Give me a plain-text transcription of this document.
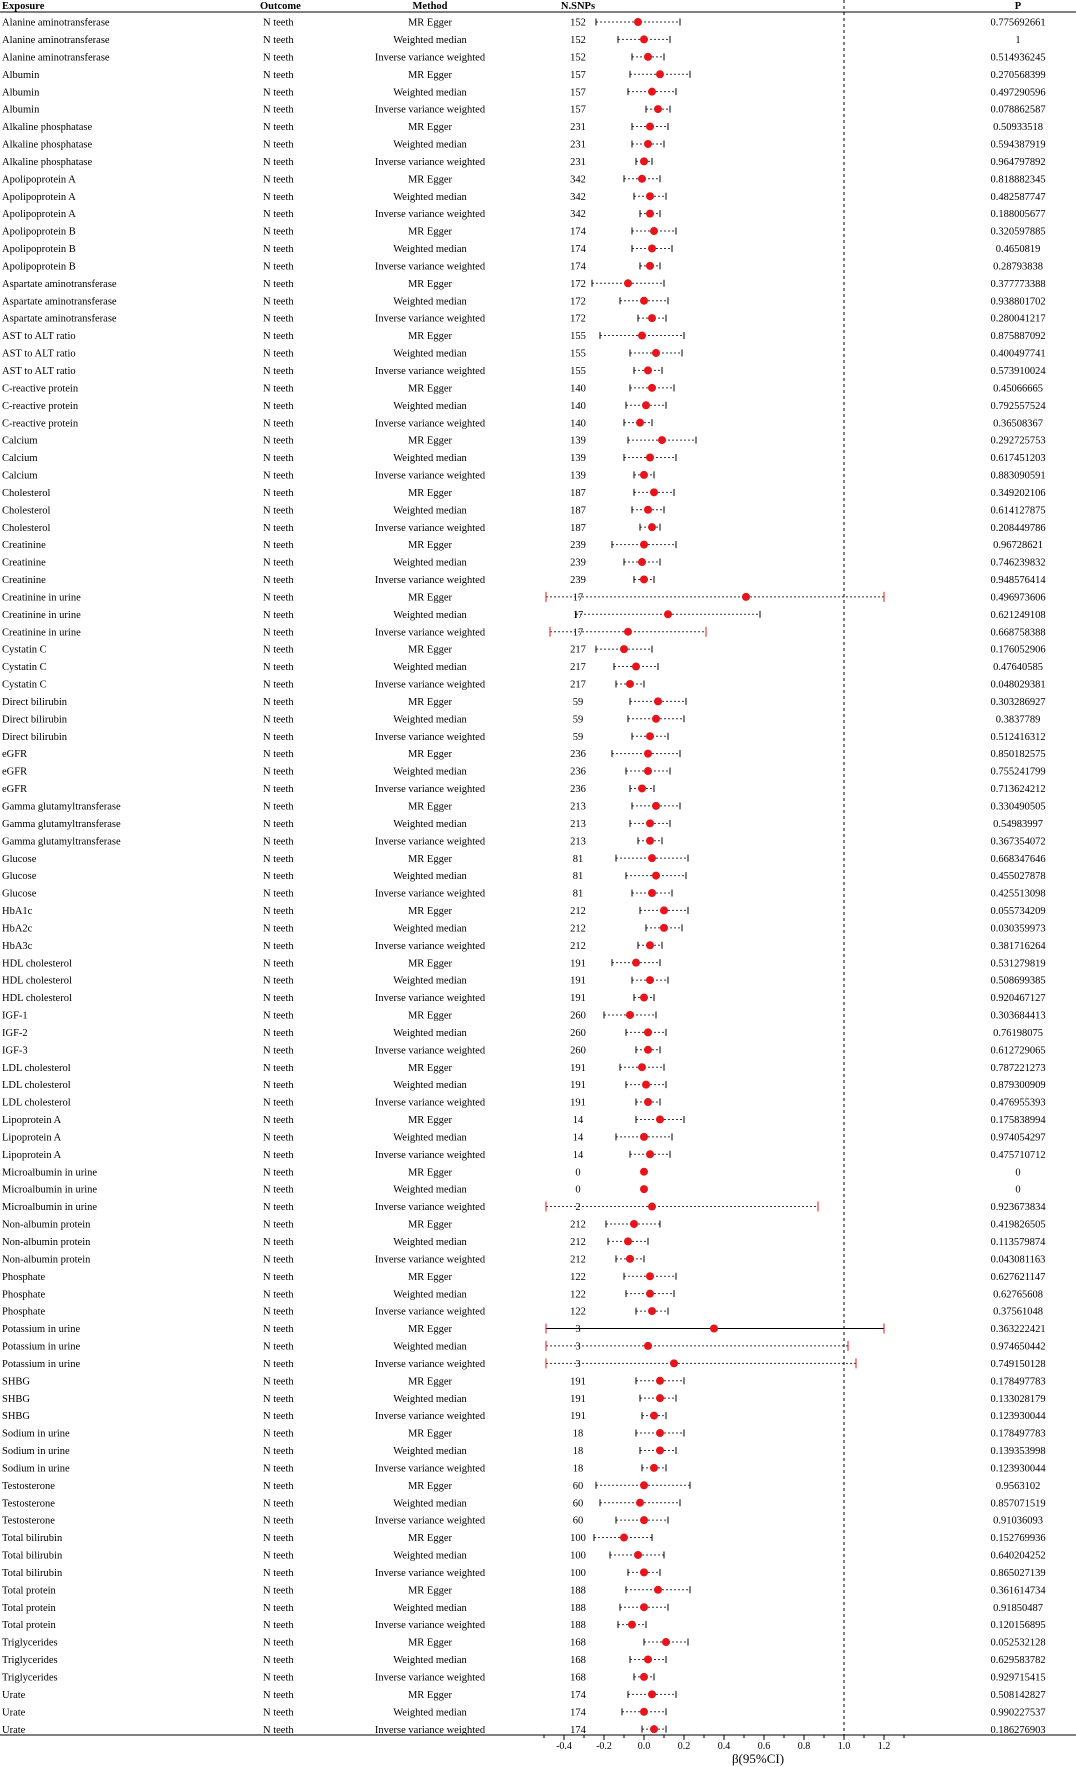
Exposure	Outcome	Method	N.SNPs	P
Alanine aminotransferase	N teeth	MR Egger	152	0.775692661
Alanine aminotransferase	N teeth	Weighted median	152	1
Alanine aminotransferase	N teeth	Inverse variance weighted	152	0.514936245
Albumin	N teeth	MR Egger	157	0.270568399
Albumin	N teeth	Weighted median	157	0.497290596
Albumin	N teeth	Inverse variance weighted	157	0.078862587
Alkaline phosphatase	N teeth	MR Egger	231	0.50933518
Alkaline phosphatase	N teeth	Weighted median	231	0.594387919
Alkaline phosphatase	N teeth	Inverse variance weighted	231	0.964797892
Apolipoprotein A	N teeth	MR Egger	342	0.818882345
Apolipoprotein A	N teeth	Weighted median	342	0.482587747
Apolipoprotein A	N teeth	Inverse variance weighted	342	0.188005677
Apolipoprotein B	N teeth	MR Egger	174	0.320597885
Apolipoprotein B	N teeth	Weighted median	174	0.4650819
Apolipoprotein B	N teeth	Inverse variance weighted	174	0.28793838
Aspartate aminotransferase	N teeth	MR Egger	172	0.377773388
Aspartate aminotransferase	N teeth	Weighted median	172	0.938801702
Aspartate aminotransferase	N teeth	Inverse variance weighted	172	0.280041217
AST to ALT ratio	N teeth	MR Egger	155	0.875887092
AST to ALT ratio	N teeth	Weighted median	155	0.400497741
AST to ALT ratio	N teeth	Inverse variance weighted	155	0.573910024
C-reactive protein	N teeth	MR Egger	140	0.45066665
C-reactive protein	N teeth	Weighted median	140	0.792557524
C-reactive protein	N teeth	Inverse variance weighted	140	0.36508367
Calcium	N teeth	MR Egger	139	0.292725753
Calcium	N teeth	Weighted median	139	0.617451203
Calcium	N teeth	Inverse variance weighted	139	0.883090591
Cholesterol	N teeth	MR Egger	187	0.349202106
Cholesterol	N teeth	Weighted median	187	0.614127875
Cholesterol	N teeth	Inverse variance weighted	187	0.208449786
Creatinine	N teeth	MR Egger	239	0.96728621
Creatinine	N teeth	Weighted median	239	0.746239832
Creatinine	N teeth	Inverse variance weighted	239	0.948576414
Creatinine in urine	N teeth	MR Egger	17	0.496973606
Creatinine in urine	N teeth	Weighted median	17	0.621249108
Creatinine in urine	N teeth	Inverse variance weighted	17	0.668758388
Cystatin C	N teeth	MR Egger	217	0.176052906
Cystatin C	N teeth	Weighted median	217	0.47640585
Cystatin C	N teeth	Inverse variance weighted	217	0.048029381
Direct bilirubin	N teeth	MR Egger	59	0.303286927
Direct bilirubin	N teeth	Weighted median	59	0.3837789
Direct bilirubin	N teeth	Inverse variance weighted	59	0.512416312
eGFR	N teeth	MR Egger	236	0.850182575
eGFR	N teeth	Weighted median	236	0.755241799
eGFR	N teeth	Inverse variance weighted	236	0.713624212
Gamma glutamyltransferase	N teeth	MR Egger	213	0.330490505
Gamma glutamyltransferase	N teeth	Weighted median	213	0.54983997
Gamma glutamyltransferase	N teeth	Inverse variance weighted	213	0.367354072
Glucose	N teeth	MR Egger	81	0.668347646
Glucose	N teeth	Weighted median	81	0.455027878
Glucose	N teeth	Inverse variance weighted	81	0.425513098
HbA1c	N teeth	MR Egger	212	0.055734209
HbA2c	N teeth	Weighted median	212	0.030359973
HbA3c	N teeth	Inverse variance weighted	212	0.381716264
HDL cholesterol	N teeth	MR Egger	191	0.531279819
HDL cholesterol	N teeth	Weighted median	191	0.508699385
HDL cholesterol	N teeth	Inverse variance weighted	191	0.920467127
IGF-1	N teeth	MR Egger	260	0.303684413
IGF-2	N teeth	Weighted median	260	0.76198075
IGF-3	N teeth	Inverse variance weighted	260	0.612729065
LDL cholesterol	N teeth	MR Egger	191	0.787221273
LDL cholesterol	N teeth	Weighted median	191	0.879300909
LDL cholesterol	N teeth	Inverse variance weighted	191	0.476955393
Lipoprotein A	N teeth	MR Egger	14	0.175838994
Lipoprotein A	N teeth	Weighted median	14	0.974054297
Lipoprotein A	N teeth	Inverse variance weighted	14	0.475710712
Microalbumin in urine	N teeth	MR Egger	0	0
Microalbumin in urine	N teeth	Weighted median	0	0
Microalbumin in urine	N teeth	Inverse variance weighted	2	0.923673834
Non-albumin protein	N teeth	MR Egger	212	0.419826505
Non-albumin protein	N teeth	Weighted median	212	0.113579874
Non-albumin protein	N teeth	Inverse variance weighted	212	0.043081163
Phosphate	N teeth	MR Egger	122	0.627621147
Phosphate	N teeth	Weighted median	122	0.62765608
Phosphate	N teeth	Inverse variance weighted	122	0.37561048
Potassium in urine	N teeth	MR Egger	3	0.363222421
Potassium in urine	N teeth	Weighted median	3	0.974650442
Potassium in urine	N teeth	Inverse variance weighted	3	0.749150128
SHBG	N teeth	MR Egger	191	0.178497783
SHBG	N teeth	Weighted median	191	0.133028179
SHBG	N teeth	Inverse variance weighted	191	0.123930044
Sodium in urine	N teeth	MR Egger	18	0.178497783
Sodium in urine	N teeth	Weighted median	18	0.139353998
Sodium in urine	N teeth	Inverse variance weighted	18	0.123930044
Testosterone	N teeth	MR Egger	60	0.9563102
Testosterone	N teeth	Weighted median	60	0.857071519
Testosterone	N teeth	Inverse variance weighted	60	0.91036093
Total bilirubin	N teeth	MR Egger	100	0.152769936
Total bilirubin	N teeth	Weighted median	100	0.640204252
Total bilirubin	N teeth	Inverse variance weighted	100	0.865027139
Total protein	N teeth	MR Egger	188	0.361614734
Total protein	N teeth	Weighted median	188	0.91850487
Total protein	N teeth	Inverse variance weighted	188	0.120156895
Triglycerides	N teeth	MR Egger	168	0.052532128
Triglycerides	N teeth	Weighted median	168	0.629583782
Triglycerides	N teeth	Inverse variance weighted	168	0.929715415
Urate	N teeth	MR Egger	174	0.508142827
Urate	N teeth	Weighted median	174	0.990227537
Urate	N teeth	Inverse variance weighted	174	0.186276903
-0.4 -0.2	0.0	0.2	0.4	0.6	0.8	1.0	1.2
β(95%CI)
